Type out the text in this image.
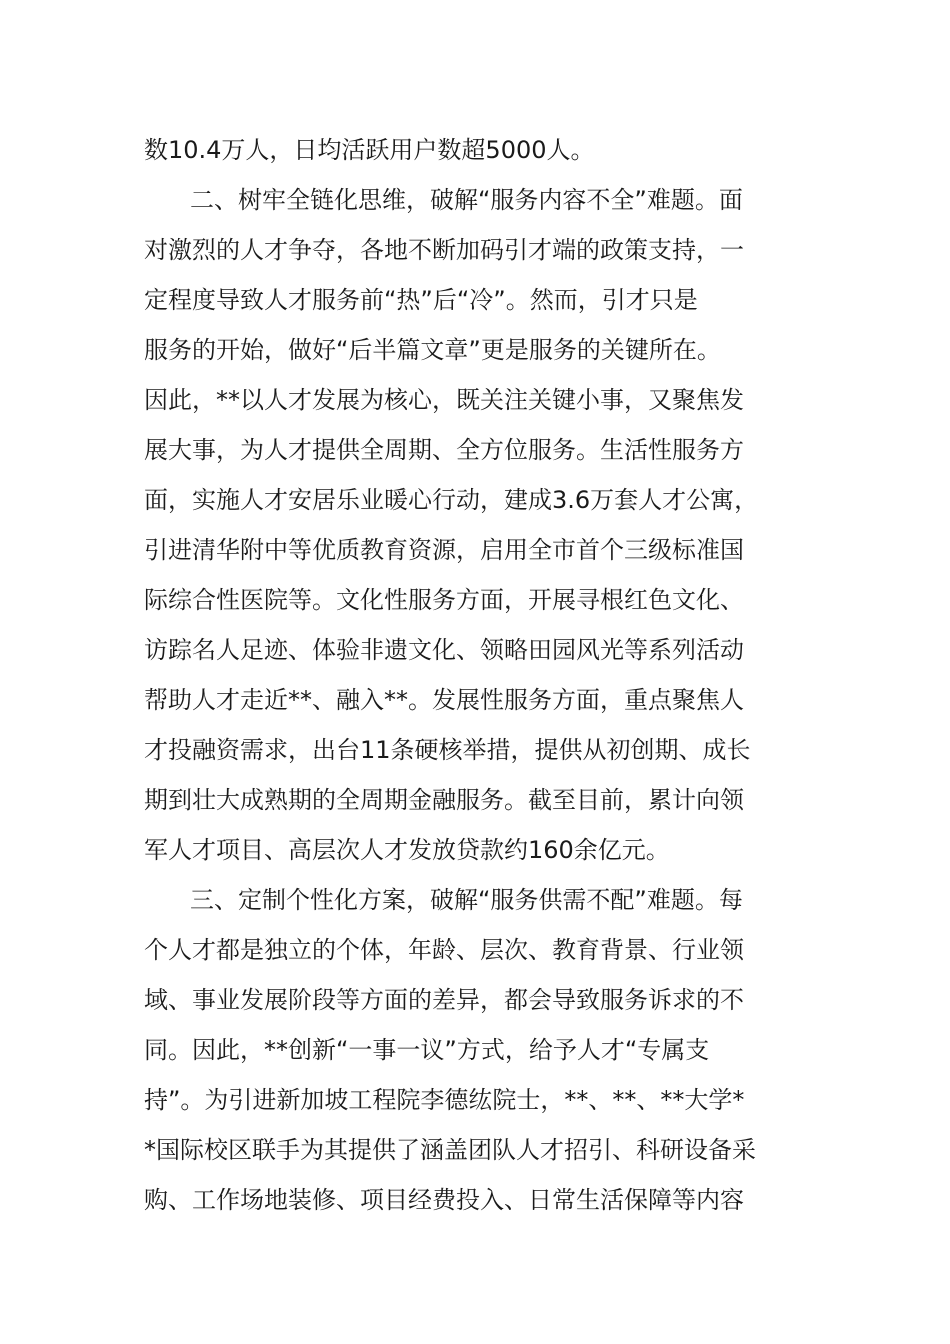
数10.4万人，日均活跃用户数超5000人。
二、树牢全链化思维，破解“服务内容不全”难题。面
对激烈的人才争夺，各地不断加码引才端的政策支持，一
定程度导致人才服务前“热”后“冷”。然而，引才只是
服务的开始，做好“后半篇文章”更是服务的关键所在。
因此，**以人才发展为核心，既关注关键小事，又聚焦发
展大事，为人才提供全周期、全方位服务。生活性服务方
面，实施人才安居乐业暖心行动，建成3.6万套人才公寓，
引进清华附中等优质教育资源，启用全市首个三级标准国
际综合性医院等。文化性服务方面，开展寻根红色文化、
访踪名人足迹、体验非遗文化、领略田园风光等系列活动
帮助人才走近**、融入**。发展性服务方面，重点聚焦人
才投融资需求，出台11条硬核举措，提供从初创期、成长
期到壮大成熟期的全周期金融服务。截至目前，累计向领
军人才项目、高层次人才发放贷款约160余亿元。
三、定制个性化方案，破解“服务供需不配”难题。每
个人才都是独立的个体，年龄、层次、教育背景、行业领
域、事业发展阶段等方面的差异，都会导致服务诉求的不
同。因此，**创新“一事一议”方式，给予人才“专属支
持”。为引进新加坡工程院李德纮院士，**、**、**大学*
*国际校区联手为其提供了涵盖团队人才招引、科研设备采
购、工作场地装修、项目经费投入、日常生活保障等内容
